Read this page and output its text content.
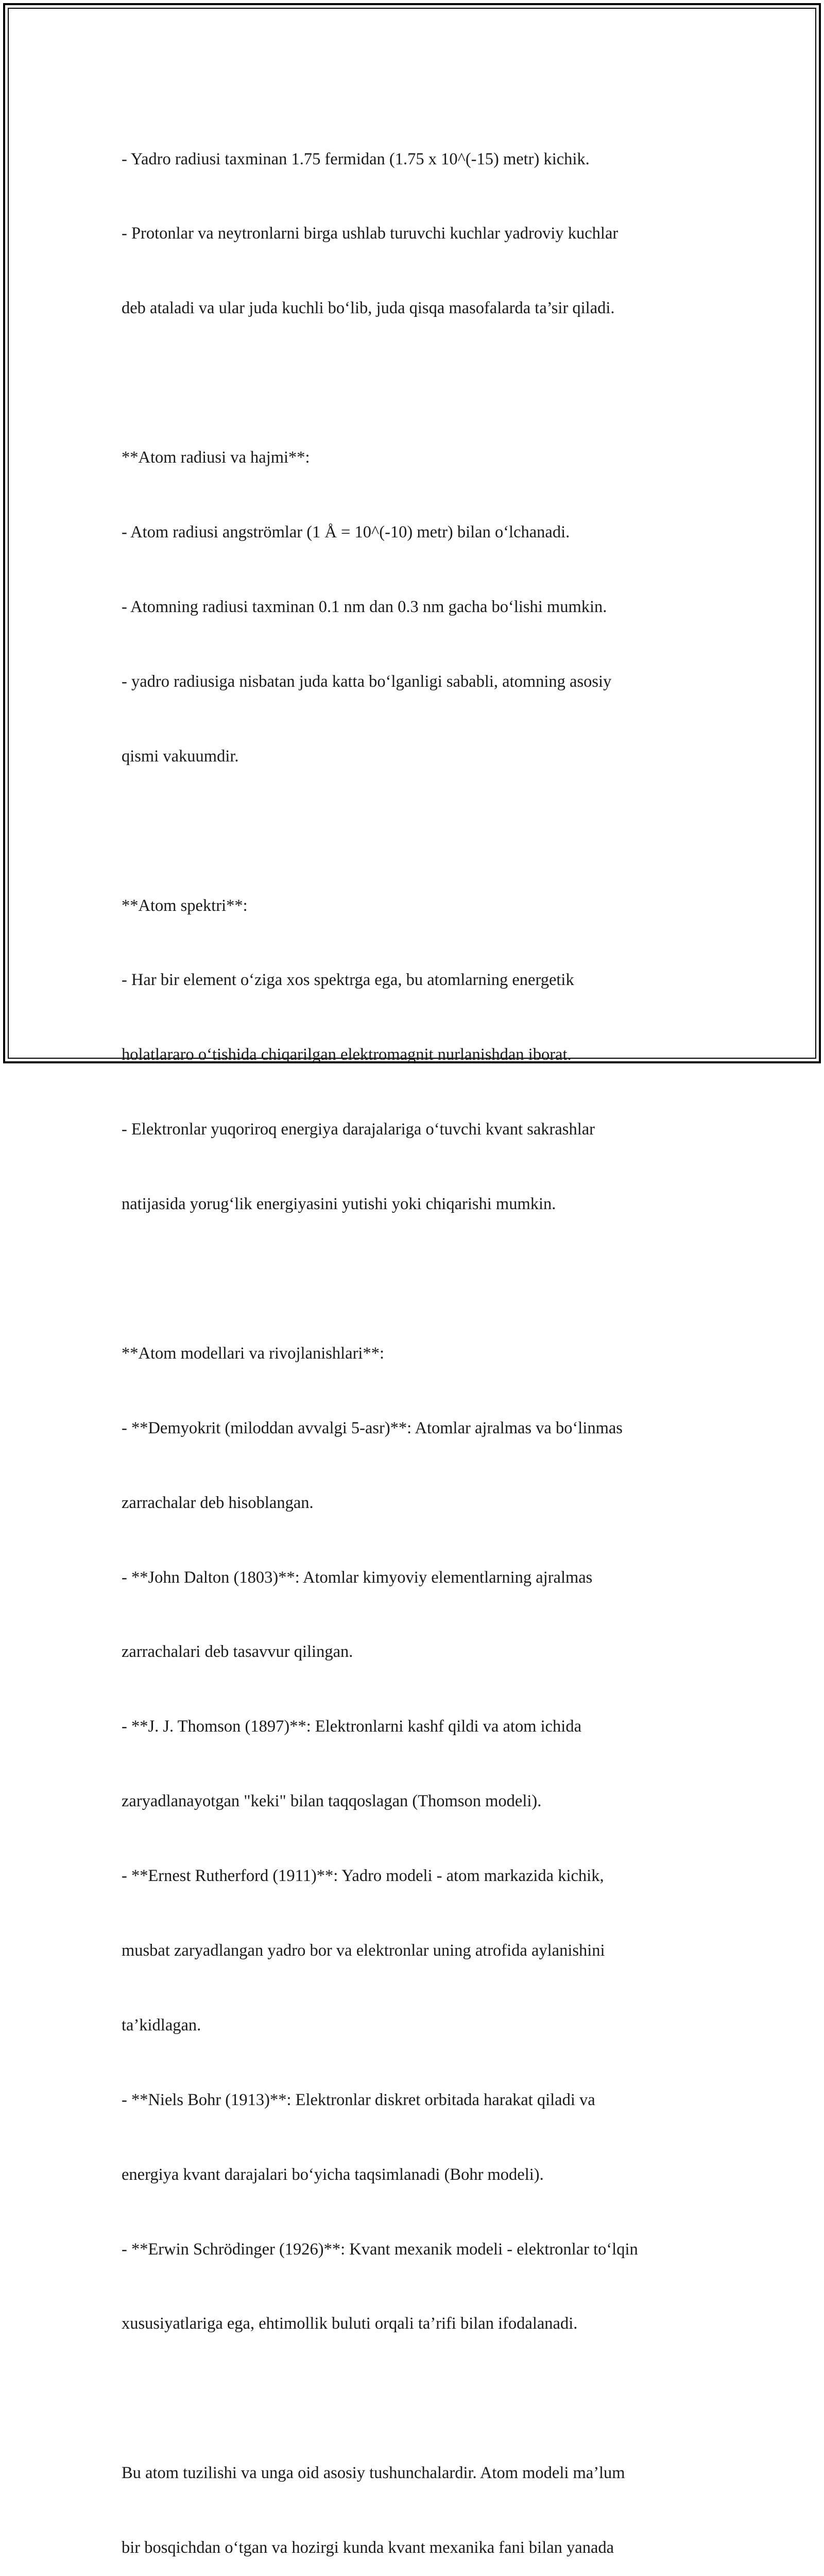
- Yadro radiusi taxminan 1.75 fermidan (1.75 x 10^(-15) metr) kichik.

- Protonlar va neytronlarni birga ushlab turuvchi kuchlar yadroviy kuchlar

deb ataladi va ular juda kuchli bo‘lib, juda qisqa masofalarda ta’sir qiladi.

**Atom radiusi va hajmi**:

- Atom radiusi angströmlar (1 Å = 10^(-10) metr) bilan o‘lchanadi.

- Atomning radiusi taxminan 0.1 nm dan 0.3 nm gacha bo‘lishi mumkin.

- yadro radiusiga nisbatan juda katta bo‘lganligi sababli, atomning asosiy

qismi vakuumdir.

**Atom spektri**:

- Har bir element o‘ziga xos spektrga ega, bu atomlarning energetik

holatlararo o‘tishida chiqarilgan elektromagnit nurlanishdan iborat.

- Elektronlar yuqoriroq energiya darajalariga o‘tuvchi kvant sakrashlar

natijasida yorug‘lik energiyasini yutishi yoki chiqarishi mumkin.

**Atom modellari va rivojlanishlari**:

- **Demyokrit (miloddan avvalgi 5-asr)**: Atomlar ajralmas va bo‘linmas

zarrachalar deb hisoblangan.

- **John Dalton (1803)**: Atomlar kimyoviy elementlarning ajralmas

zarrachalari deb tasavvur qilingan.

- **J. J. Thomson (1897)**: Elektronlarni kashf qildi va atom ichida

zaryadlanayotgan "keki" bilan taqqoslagan (Thomson modeli).

- **Ernest Rutherford (1911)**: Yadro modeli - atom markazida kichik,

musbat zaryadlangan yadro bor va elektronlar uning atrofida aylanishini

ta’kidlagan.

- **Niels Bohr (1913)**: Elektronlar diskret orbitada harakat qiladi va

energiya kvant darajalari bo‘yicha taqsimlanadi (Bohr modeli).

- **Erwin Schrödinger (1926)**: Kvant mexanik modeli - elektronlar to‘lqin

xususiyatlariga ega, ehtimollik buluti orqali ta’rifi bilan ifodalanadi.

Bu atom tuzilishi va unga oid asosiy tushunchalardir. Atom modeli ma’lum

bir bosqichdan o‘tgan va hozirgi kunda kvant mexanika fani bilan yanada
